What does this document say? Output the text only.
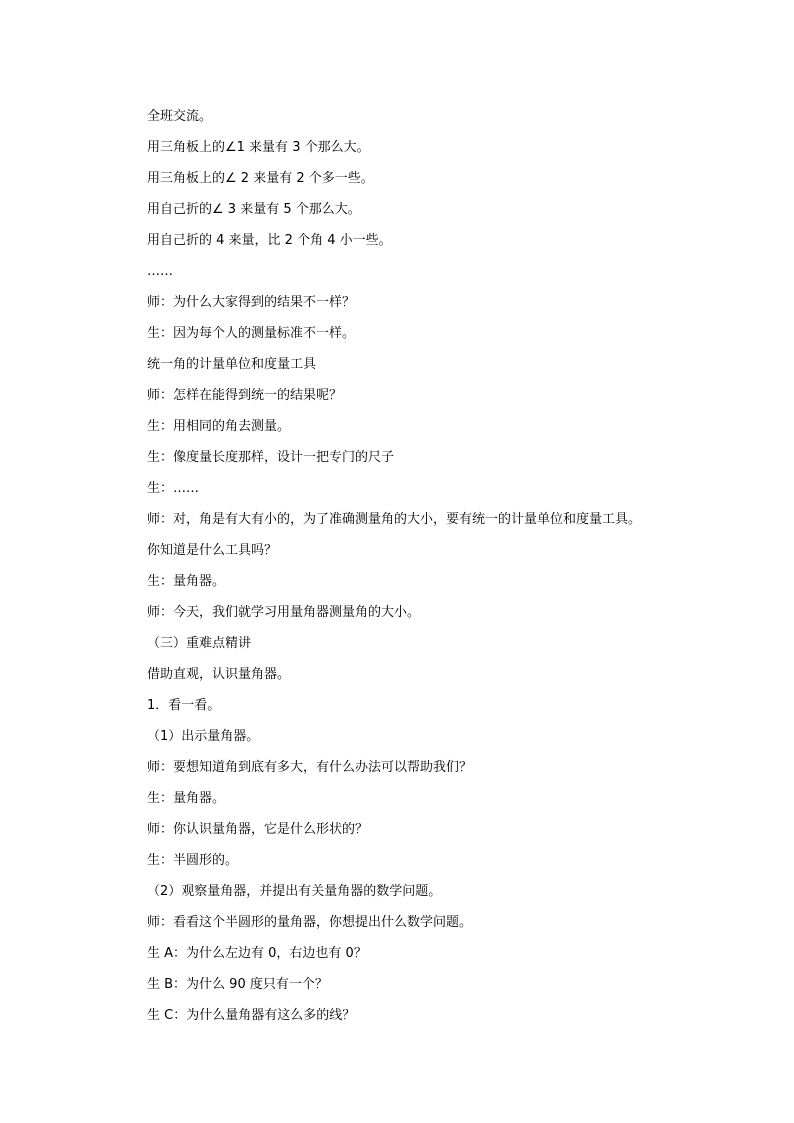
全班交流。
用三角板上的∠1 来量有 3 个那么大。
用三角板上的∠ 2 来量有 2 个多一些。
用自己折的∠ 3 来量有 5 个那么大。
用自己折的 4 来量，比 2 个角 4 小一些。
……
师：为什么大家得到的结果不一样？
生：因为每个人的测量标准不一样。
统一角的计量单位和度量工具
师：怎样在能得到统一的结果呢？
生：用相同的角去测量。
生：像度量长度那样，设计一把专门的尺子
生：……
师：对，角是有大有小的，为了准确测量角的大小，要有统一的计量单位和度量工具。
你知道是什么工具吗？
生：量角器。
师：今天，我们就学习用量角器测量角的大小。
（三）重难点精讲
借助直观，认识量角器。
1．看一看。
（1）出示量角器。
师：要想知道角到底有多大，有什么办法可以帮助我们？
生：量角器。
师：你认识量角器，它是什么形状的？
生：半圆形的。
（2）观察量角器，并提出有关量角器的数学问题。
师：看看这个半圆形的量角器，你想提出什么数学问题。
生 A：为什么左边有 0，右边也有 0？
生 B：为什么 90 度只有一个？
生 C：为什么量角器有这么多的线？
